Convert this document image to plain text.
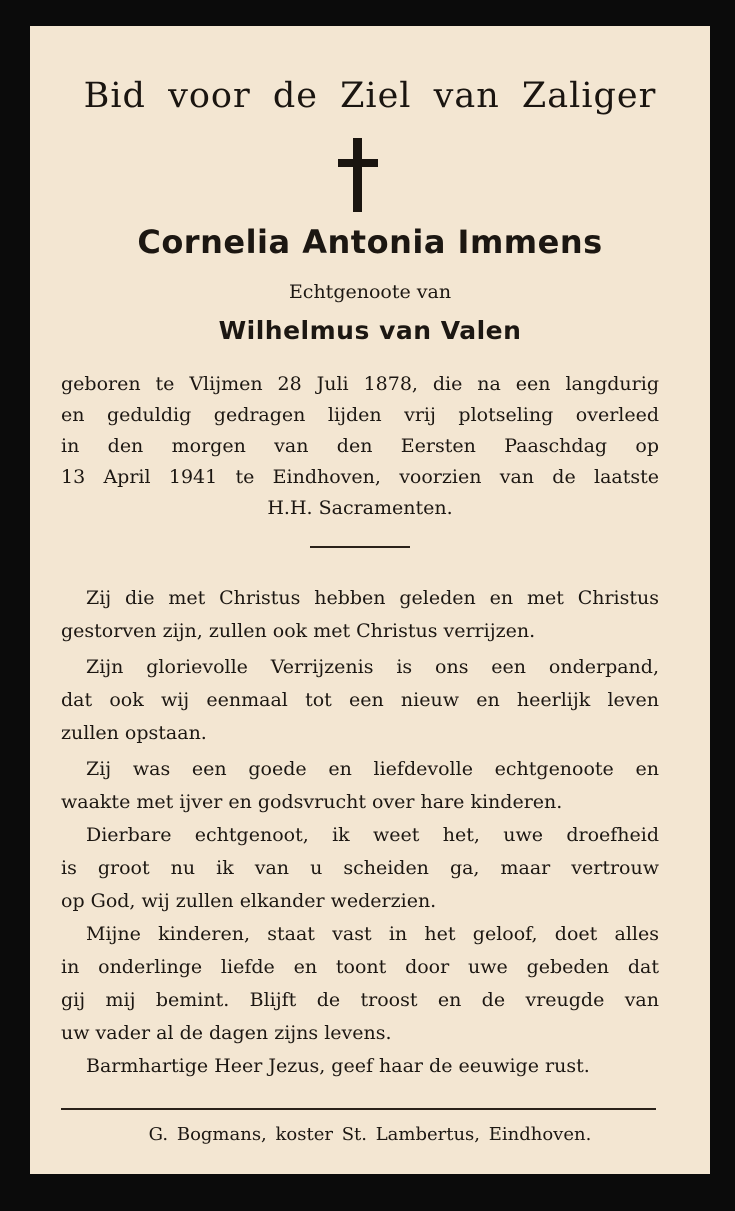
Bid voor de Ziel van Zaliger
Cornelia Antonia Immens
Echtgenoote van
Wilhelmus van Valen
geboren te Vlijmen 28 Juli 1878, die na een langdurig
en geduldig gedragen lijden vrij plotseling overleed
in den morgen van den Eersten Paaschdag op
13 April 1941 te Eindhoven, voorzien van de laatste
H.H. Sacramenten.
Zij die met Christus hebben geleden en met Christus
gestorven zijn, zullen ook met Christus verrijzen.
Zijn glorievolle Verrijzenis is ons een onderpand,
dat ook wij eenmaal tot een nieuw en heerlijk leven
zullen opstaan.
Zij was een goede en liefdevolle echtgenoote en
waakte met ijver en godsvrucht over hare kinderen.
Dierbare echtgenoot, ik weet het, uwe droefheid
is groot nu ik van u scheiden ga, maar vertrouw
op God, wij zullen elkander wederzien.
Mijne kinderen, staat vast in het geloof, doet alles
in onderlinge liefde en toont door uwe gebeden dat
gij mij bemint. Blijft de troost en de vreugde van
uw vader al de dagen zijns levens.
Barmhartige Heer Jezus, geef haar de eeuwige rust.
G. Bogmans, koster St. Lambertus, Eindhoven.
